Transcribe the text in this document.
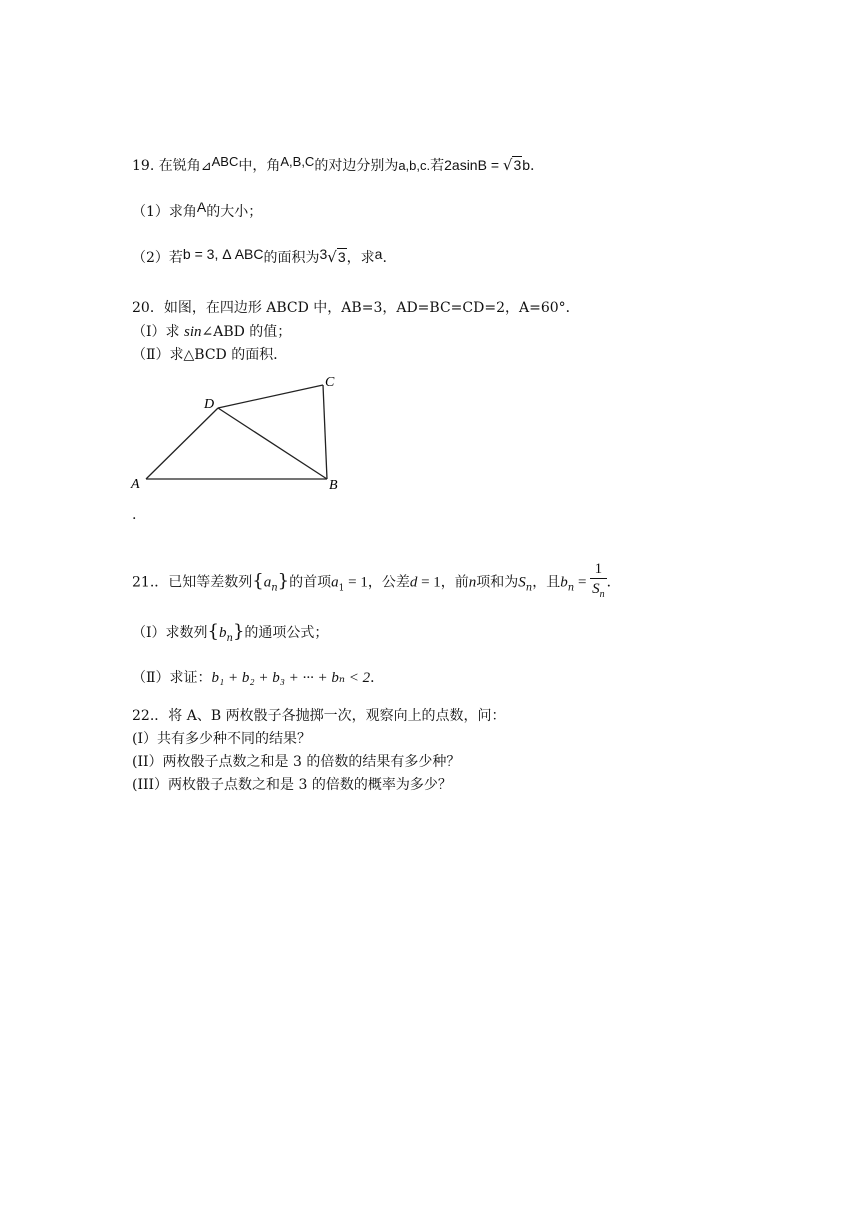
19. 在锐角⊿ABC中，角A,B,C的对边分别为a,b,c.若2asinB = √3b.
（1）求角A的大小；
（2）若b = 3, Δ ABC的面积为3√3，求a.
20．如图，在四边形 ABCD 中，AB=3，AD=BC=CD=2，A=60°．
（Ⅰ）求 sin∠ABD 的值；
（Ⅱ）求△BCD 的面积．
A	B
C
D
.
21.．已知等差数列$\{a_n\}$的首项$a_1 = 1$，公差d = 1，前n项和为$S_n$，且$b_n = \frac{1}{S_n}$ ．
（Ⅰ）求数列$\{b_n\}$的通项公式；
（Ⅱ）求证：b₁ + b₂ + b₃ + ··· + bₙ < 2．
22.．将 A、B 两枚骰子各抛掷一次，观察向上的点数，问：
(I）共有多少种不同的结果？
(II）两枚骰子点数之和是 3 的倍数的结果有多少种？
(III）两枚骰子点数之和是 3 的倍数的概率为多少？
